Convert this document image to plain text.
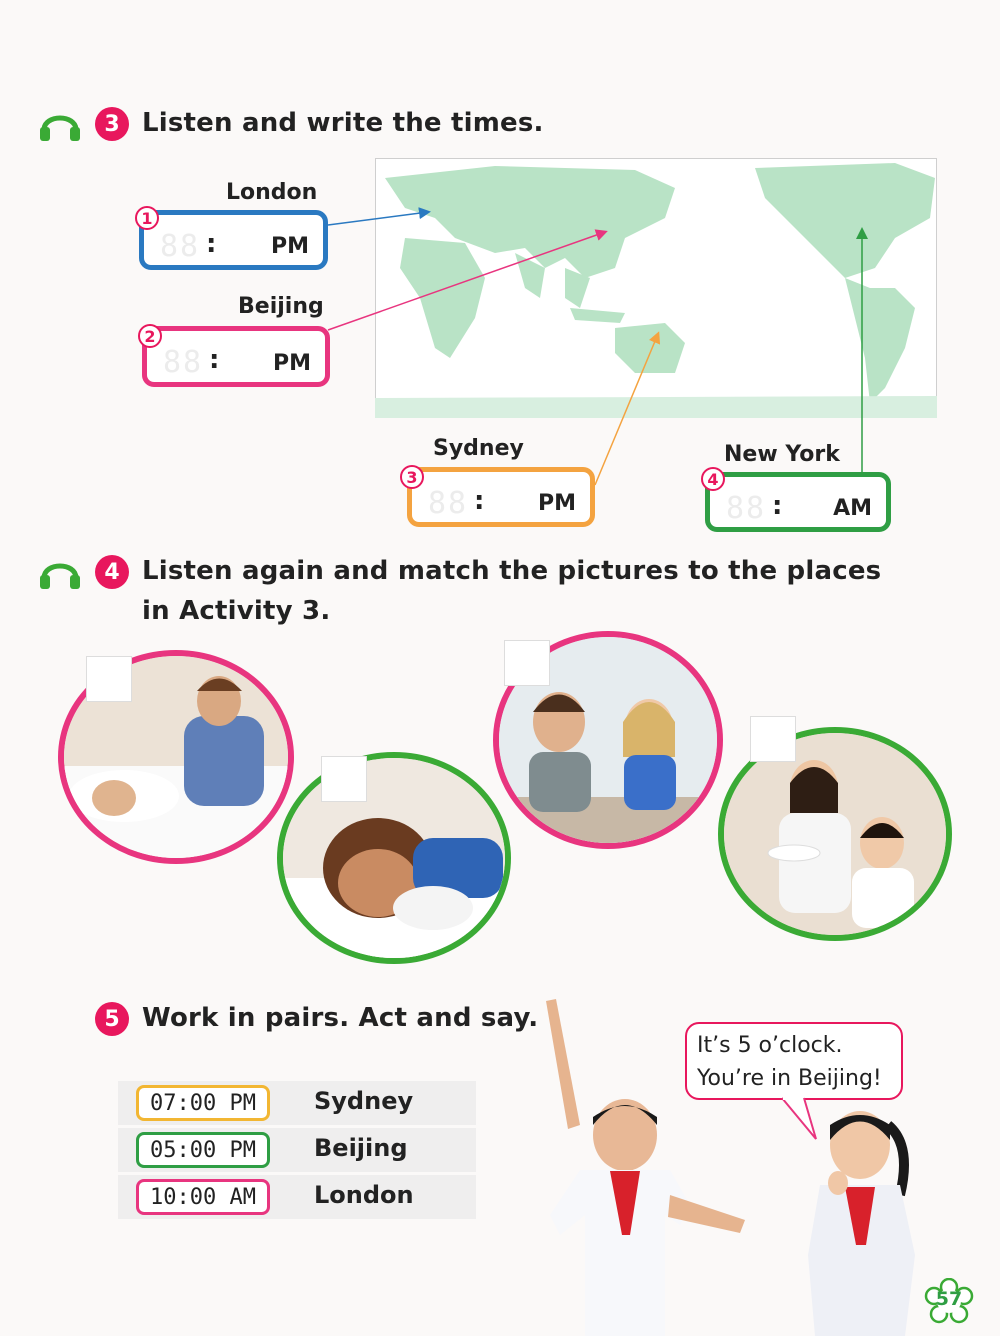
3 Listen and write the times.
London
88 : PM
1
Beijing
88 : PM
2
Sydney
88 : PM
3
New York
88 : AM
4
4 Listen again and match the pictures to the places
in Activity 3.
5 Work in pairs. Act and say.
07:00 PM	Sydney
05:00 PM	Beijing
10:00 AM	London
It’s 5 o’clock.
You’re in Beijing!
57
